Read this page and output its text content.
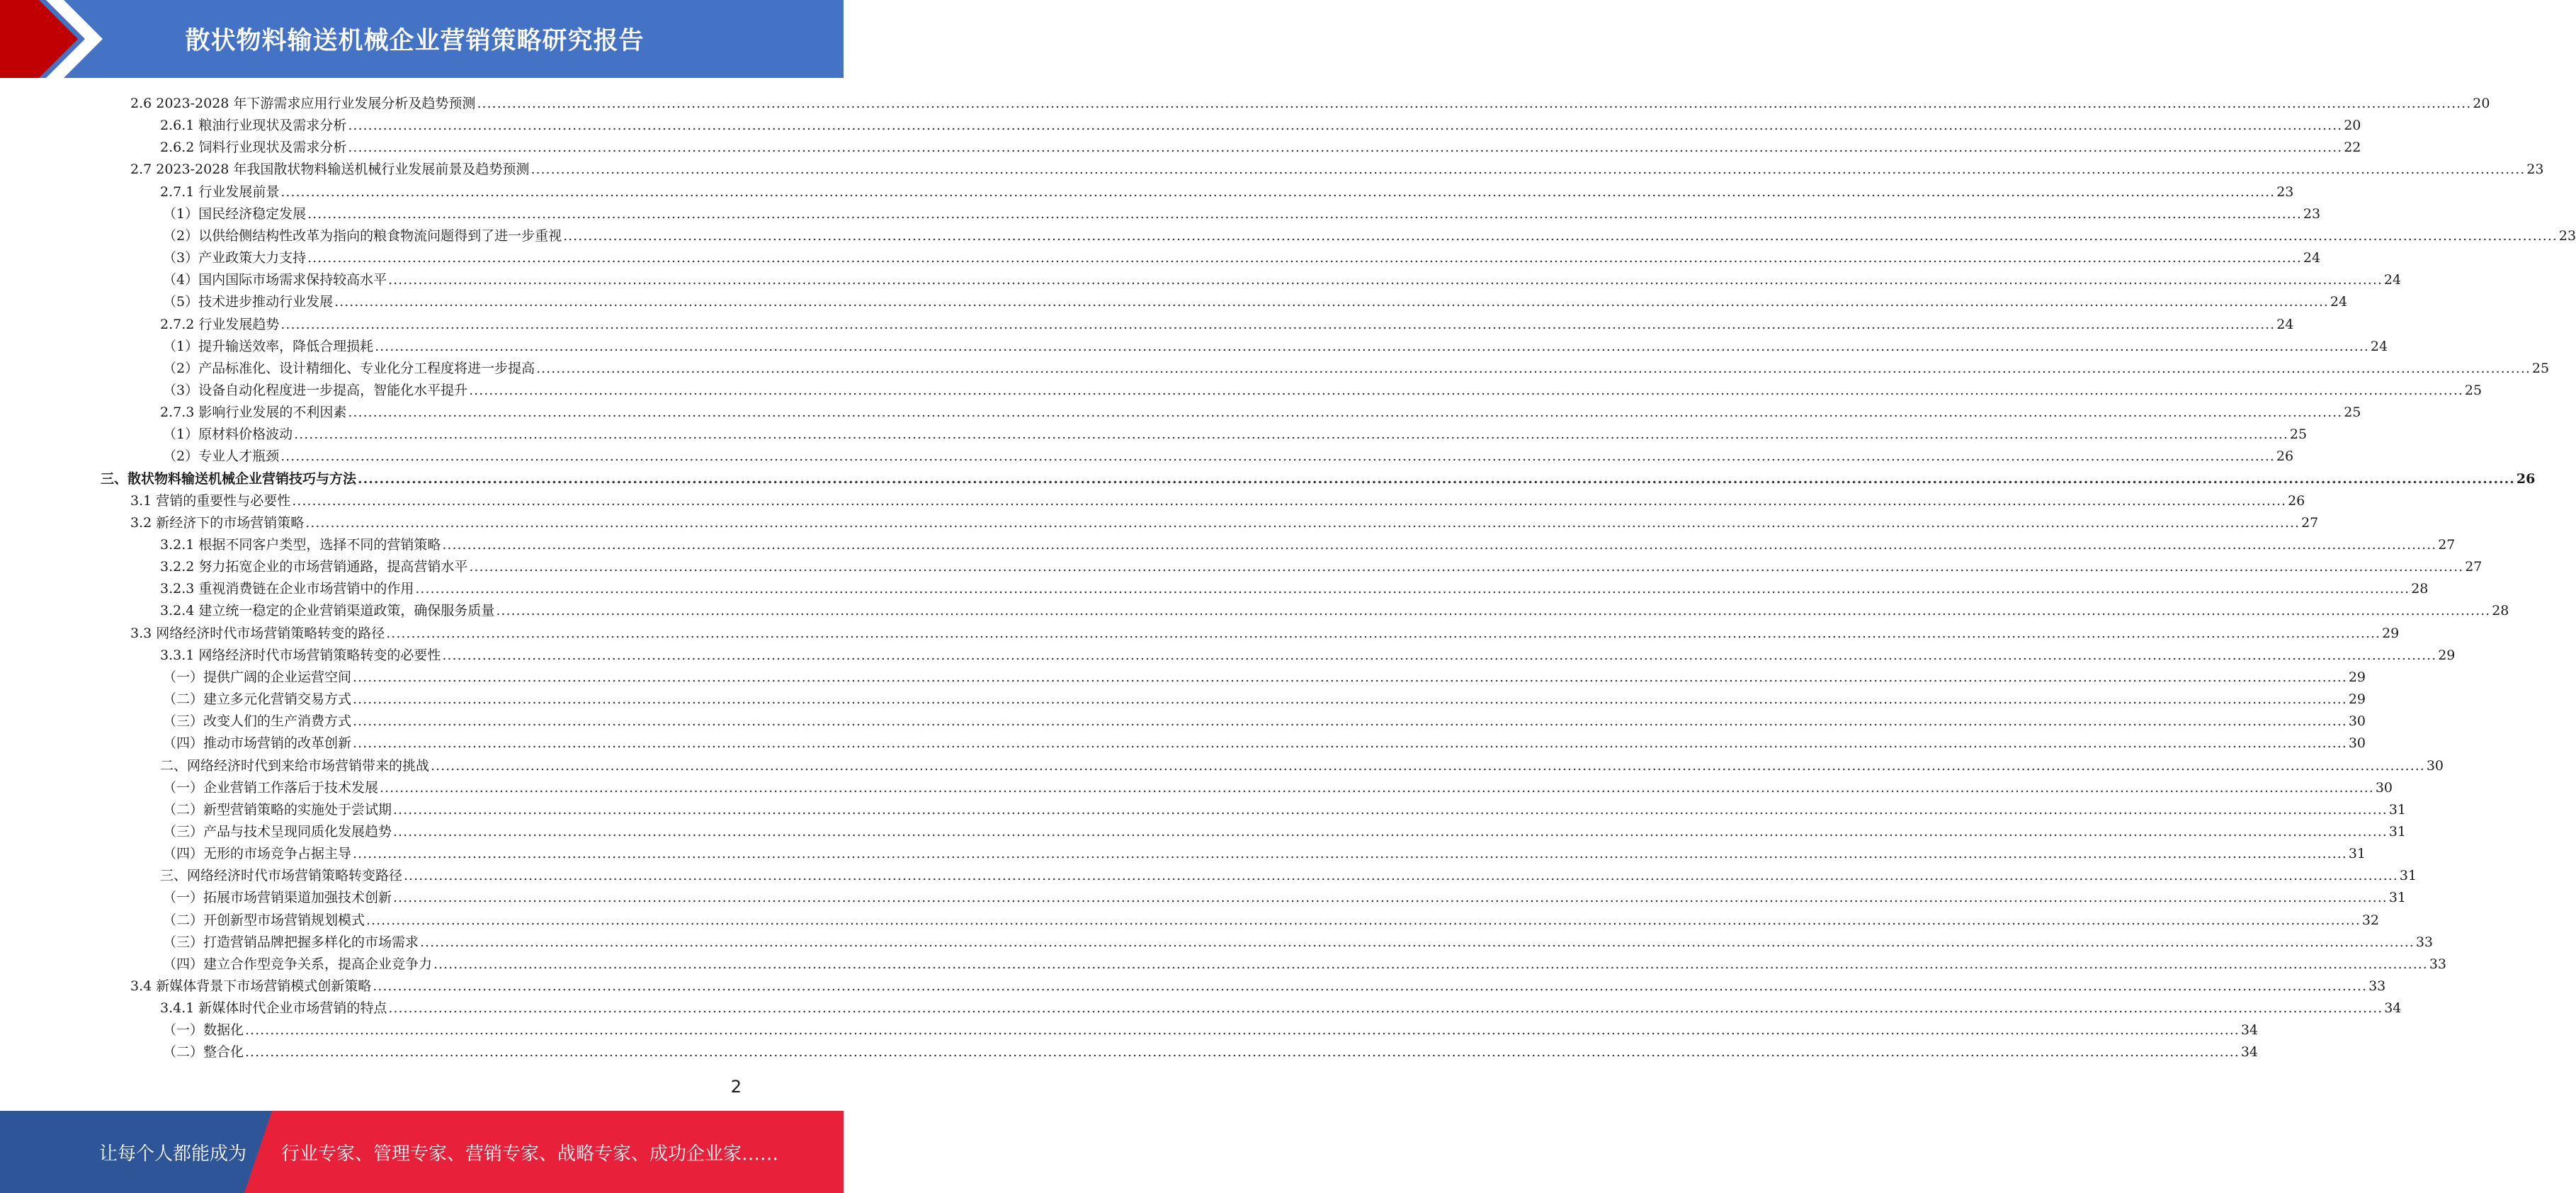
散状物料输送机械企业营销策略研究报告
2.6 2023-2028 年下游需求应用行业发展分析及趋势预测 ................................................................................................................................................................................................................................................................................................................................................................................................................ 20
2.6.1 粮油行业现状及需求分析 ................................................................................................................................................................................................................................................................................................................................................................................................................ 20
2.6.2 饲料行业现状及需求分析 ................................................................................................................................................................................................................................................................................................................................................................................................................ 22
2.7 2023-2028 年我国散状物料输送机械行业发展前景及趋势预测 ................................................................................................................................................................................................................................................................................................................................................................................................................ 23
2.7.1 行业发展前景 ................................................................................................................................................................................................................................................................................................................................................................................................................ 23
（1）国民经济稳定发展 ................................................................................................................................................................................................................................................................................................................................................................................................................ 23
（2）以供给侧结构性改革为指向的粮食物流问题得到了进一步重视 ................................................................................................................................................................................................................................................................................................................................................................................................................ 23
（3）产业政策大力支持 ................................................................................................................................................................................................................................................................................................................................................................................................................ 24
（4）国内国际市场需求保持较高水平 ................................................................................................................................................................................................................................................................................................................................................................................................................ 24
（5）技术进步推动行业发展 ................................................................................................................................................................................................................................................................................................................................................................................................................ 24
2.7.2 行业发展趋势 ................................................................................................................................................................................................................................................................................................................................................................................................................ 24
（1）提升输送效率，降低合理损耗 ................................................................................................................................................................................................................................................................................................................................................................................................................ 24
（2）产品标准化、设计精细化、专业化分工程度将进一步提高 ................................................................................................................................................................................................................................................................................................................................................................................................................ 25
（3）设备自动化程度进一步提高，智能化水平提升 ................................................................................................................................................................................................................................................................................................................................................................................................................ 25
2.7.3 影响行业发展的不利因素 ................................................................................................................................................................................................................................................................................................................................................................................................................ 25
（1）原材料价格波动 ................................................................................................................................................................................................................................................................................................................................................................................................................ 25
（2）专业人才瓶颈 ................................................................................................................................................................................................................................................................................................................................................................................................................ 26
三、散状物料输送机械企业营销技巧与方法 ................................................................................................................................................................................................................................................................................................................................................................................................................ 26
3.1 营销的重要性与必要性 ................................................................................................................................................................................................................................................................................................................................................................................................................ 26
3.2 新经济下的市场营销策略 ................................................................................................................................................................................................................................................................................................................................................................................................................ 27
3.2.1 根据不同客户类型，选择不同的营销策略 ................................................................................................................................................................................................................................................................................................................................................................................................................ 27
3.2.2 努力拓宽企业的市场营销通路，提高营销水平 ................................................................................................................................................................................................................................................................................................................................................................................................................ 27
3.2.3 重视消费链在企业市场营销中的作用 ................................................................................................................................................................................................................................................................................................................................................................................................................ 28
3.2.4 建立统一稳定的企业营销渠道政策，确保服务质量 ................................................................................................................................................................................................................................................................................................................................................................................................................ 28
3.3 网络经济时代市场营销策略转变的路径 ................................................................................................................................................................................................................................................................................................................................................................................................................ 29
3.3.1 网络经济时代市场营销策略转变的必要性 ................................................................................................................................................................................................................................................................................................................................................................................................................ 29
（一）提供广阔的企业运营空间 ................................................................................................................................................................................................................................................................................................................................................................................................................ 29
（二）建立多元化营销交易方式 ................................................................................................................................................................................................................................................................................................................................................................................................................ 29
（三）改变人们的生产消费方式 ................................................................................................................................................................................................................................................................................................................................................................................................................ 30
（四）推动市场营销的改革创新 ................................................................................................................................................................................................................................................................................................................................................................................................................ 30
二、网络经济时代到来给市场营销带来的挑战 ................................................................................................................................................................................................................................................................................................................................................................................................................ 30
（一）企业营销工作落后于技术发展 ................................................................................................................................................................................................................................................................................................................................................................................................................ 30
（二）新型营销策略的实施处于尝试期 ................................................................................................................................................................................................................................................................................................................................................................................................................ 31
（三）产品与技术呈现同质化发展趋势 ................................................................................................................................................................................................................................................................................................................................................................................................................ 31
（四）无形的市场竞争占据主导 ................................................................................................................................................................................................................................................................................................................................................................................................................ 31
三、网络经济时代市场营销策略转变路径 ................................................................................................................................................................................................................................................................................................................................................................................................................ 31
（一）拓展市场营销渠道加强技术创新 ................................................................................................................................................................................................................................................................................................................................................................................................................ 31
（二）开创新型市场营销规划模式 ................................................................................................................................................................................................................................................................................................................................................................................................................ 32
（三）打造营销品牌把握多样化的市场需求 ................................................................................................................................................................................................................................................................................................................................................................................................................ 33
（四）建立合作型竞争关系，提高企业竞争力 ................................................................................................................................................................................................................................................................................................................................................................................................................ 33
3.4 新媒体背景下市场营销模式创新策略 ................................................................................................................................................................................................................................................................................................................................................................................................................ 33
3.4.1 新媒体时代企业市场营销的特点 ................................................................................................................................................................................................................................................................................................................................................................................................................ 34
（一）数据化 ................................................................................................................................................................................................................................................................................................................................................................................................................ 34
（二）整合化 ................................................................................................................................................................................................................................................................................................................................................................................................................ 34
2
让每个人都能成为 行业专家、管理专家、营销专家、战略专家、成功企业家……
